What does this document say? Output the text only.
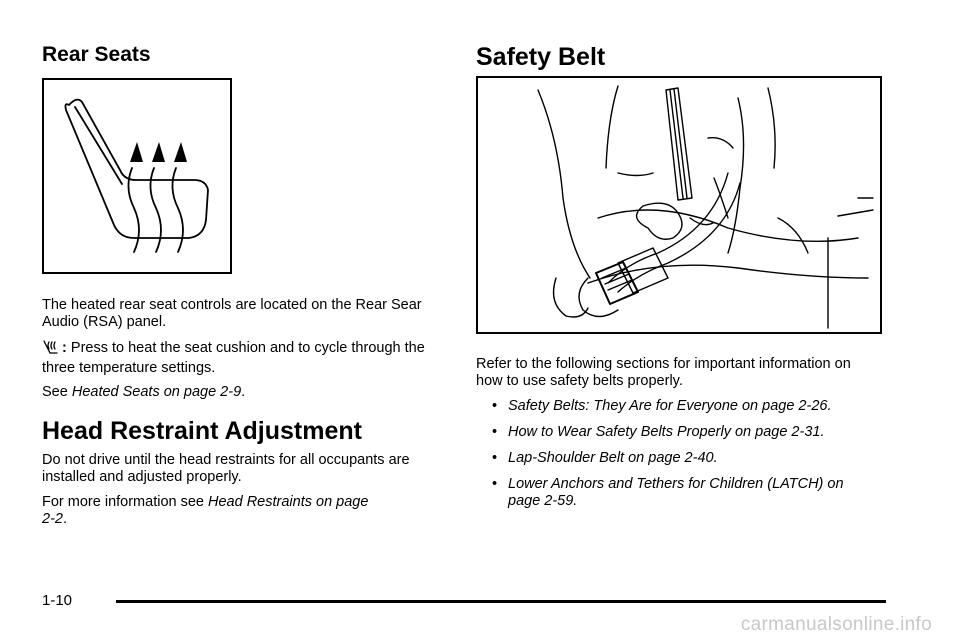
Rear Seats

The heated rear seat controls are located on the Rear Sear Audio (RSA) panel.

: Press to heat the seat cushion and to cycle through the three temperature settings.

See Heated Seats on page 2-9.

Head Restraint Adjustment

Do not drive until the head restraints for all occupants are installed and adjusted properly.

For more information see Head Restraints on page 2-2.

Safety Belt

Refer to the following sections for important information on how to use safety belts properly.

• Safety Belts: They Are for Everyone on page 2-26.
• How to Wear Safety Belts Properly on page 2-31.
• Lap-Shoulder Belt on page 2-40.
• Lower Anchors and Tethers for Children (LATCH) on page 2-59.
1-10
carmanualsonline.info
